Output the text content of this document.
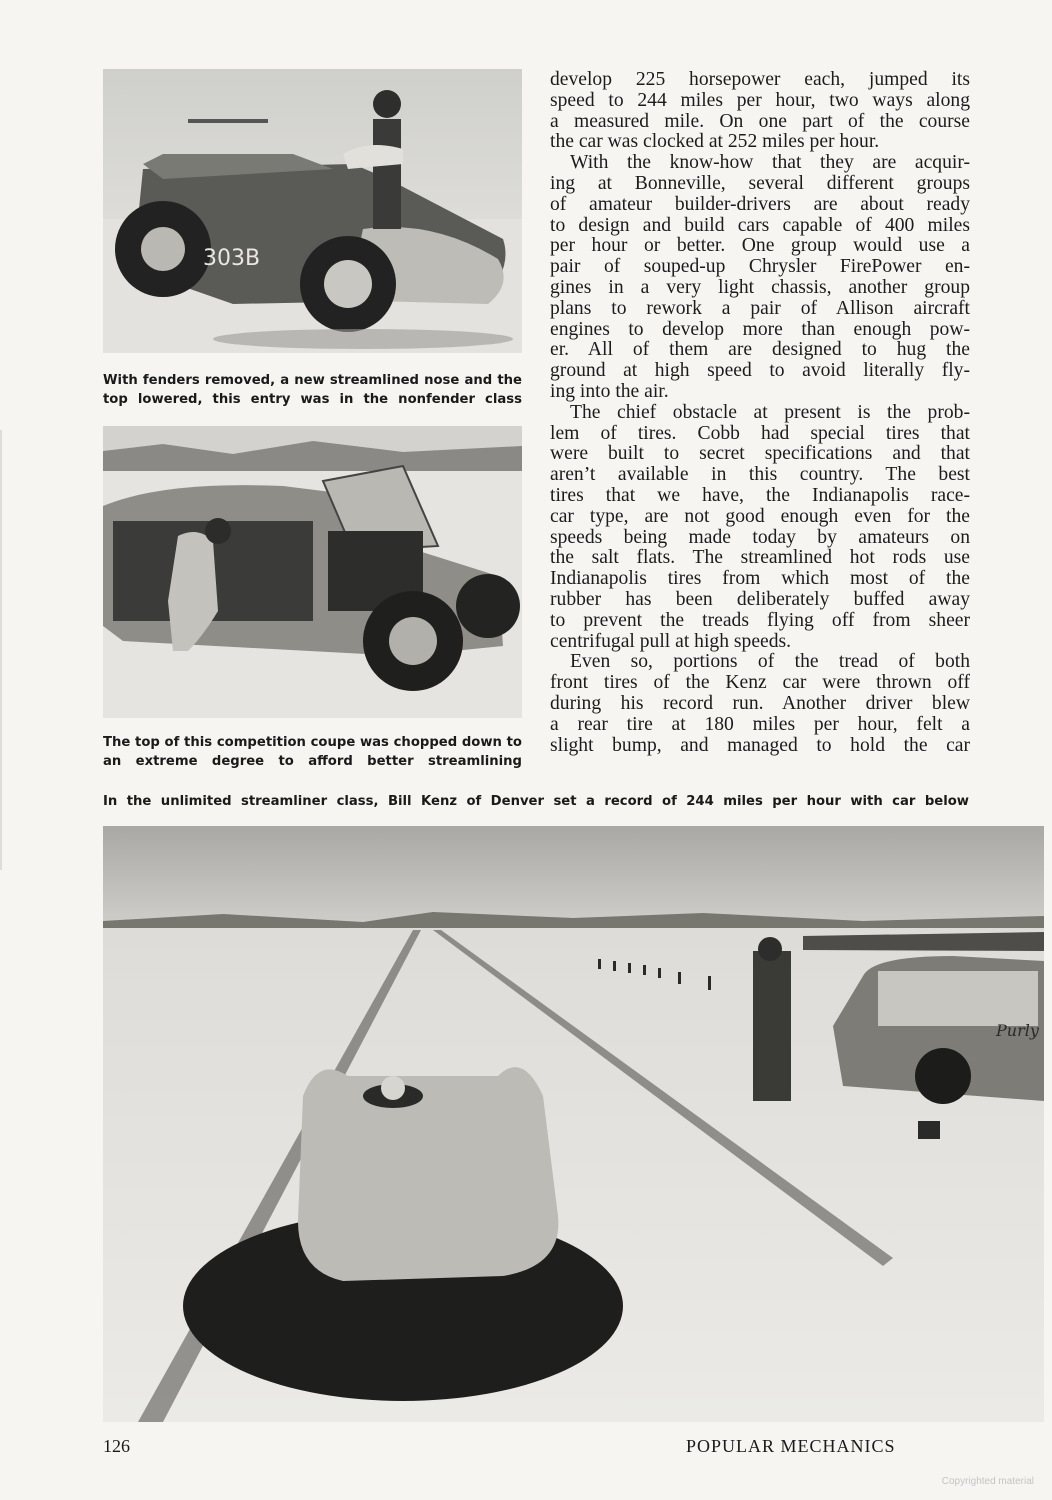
303B
With fenders removed, a new streamlined nose and the top lowered, this entry was in the nonfender class
The top of this competition coupe was chopped down to an extreme degree to afford better streamlining
develop 225 horsepower each, jumped its
speed to 244 miles per hour, two ways along
a measured mile. On one part of the course
the car was clocked at 252 miles per hour.
With the know-how that they are acquir-
ing at Bonneville, several different groups
of amateur builder-drivers are about ready
to design and build cars capable of 400 miles
per hour or better. One group would use a
pair of souped-up Chrysler FirePower en-
gines in a very light chassis, another group
plans to rework a pair of Allison aircraft
engines to develop more than enough pow-
er. All of them are designed to hug the
ground at high speed to avoid literally fly-
ing into the air.
The chief obstacle at present is the prob-
lem of tires. Cobb had special tires that
were built to secret specifications and that
aren’t available in this country. The best
tires that we have, the Indianapolis race-
car type, are not good enough even for the
speeds being made today by amateurs on
the salt flats. The streamlined hot rods use
Indianapolis tires from which most of the
rubber has been deliberately buffed away
to prevent the treads flying off from sheer
centrifugal pull at high speeds.
Even so, portions of the tread of both
front tires of the Kenz car were thrown off
during his record run. Another driver blew
a rear tire at 180 miles per hour, felt a
slight bump, and managed to hold the car
In the unlimited streamliner class, Bill Kenz of Denver set a record of 244 miles per hour with car below
Purly
126	POPULAR MECHANICS
Copyrighted material
